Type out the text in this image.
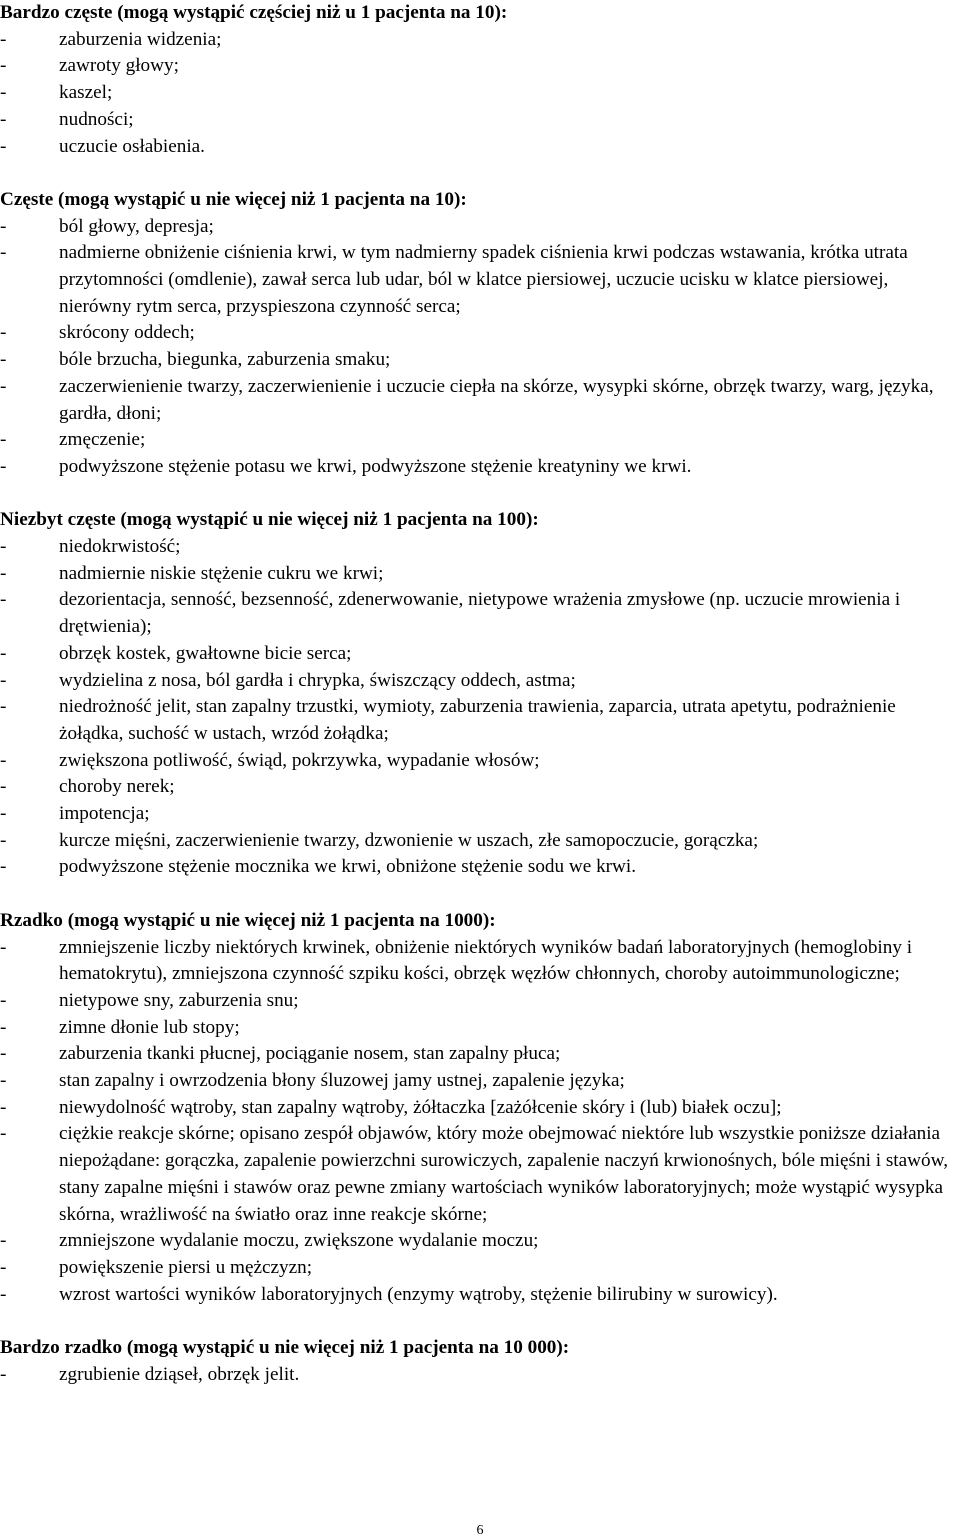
Bardzo częste (mogą wystąpić częściej niż u 1 pacjenta na 10):

-	zaburzenia widzenia;
-	zawroty głowy;
-	kaszel;
-	nudności;
-	uczucie osłabienia.

Częste (mogą wystąpić u nie więcej niż 1 pacjenta na 10):

-	ból głowy, depresja;
-	nadmierne obniżenie ciśnienia krwi, w tym nadmierny spadek ciśnienia krwi podczas wstawania, krótka utrata przytomności (omdlenie), zawał serca lub udar, ból w klatce piersiowej, uczucie ucisku w klatce piersiowej, nierówny rytm serca, przyspieszona czynność serca;
-	skrócony oddech;
-	bóle brzucha, biegunka, zaburzenia smaku;
-	zaczerwienienie twarzy, zaczerwienienie i uczucie ciepła na skórze, wysypki skórne, obrzęk twarzy, warg, języka, gardła, dłoni;
-	zmęczenie;
-	podwyższone stężenie potasu we krwi, podwyższone stężenie kreatyniny we krwi.

Niezbyt częste (mogą wystąpić u nie więcej niż 1 pacjenta na 100):

-	niedokrwistość;
-	nadmiernie niskie stężenie cukru we krwi;
-	dezorientacja, senność, bezsenność, zdenerwowanie, nietypowe wrażenia zmysłowe (np. uczucie mrowienia i drętwienia);
-	obrzęk kostek, gwałtowne bicie serca;
-	wydzielina z nosa, ból gardła i chrypka, świszczący oddech, astma;
-	niedrożność jelit, stan zapalny trzustki, wymioty, zaburzenia trawienia, zaparcia, utrata apetytu, podrażnienie żołądka, suchość w ustach, wrzód żołądka;
-	zwiększona potliwość, świąd, pokrzywka, wypadanie włosów;
-	choroby nerek;
-	impotencja;
-	kurcze mięśni, zaczerwienienie twarzy, dzwonienie w uszach, złe samopoczucie, gorączka;
-	podwyższone stężenie mocznika we krwi, obniżone stężenie sodu we krwi.

Rzadko (mogą wystąpić u nie więcej niż 1 pacjenta na 1000):

-	zmniejszenie liczby niektórych krwinek, obniżenie niektórych wyników badań laboratoryjnych (hemoglobiny i hematokrytu), zmniejszona czynność szpiku kości, obrzęk węzłów chłonnych, choroby autoimmunologiczne;
-	nietypowe sny, zaburzenia snu;
-	zimne dłonie lub stopy;
-	zaburzenia tkanki płucnej, pociąganie nosem, stan zapalny płuca;
-	stan zapalny i owrzodzenia błony śluzowej jamy ustnej, zapalenie języka;
-	niewydolność wątroby, stan zapalny wątroby, żółtaczka [zażółcenie skóry i (lub) białek oczu];
-	ciężkie reakcje skórne; opisano zespół objawów, który może obejmować niektóre lub wszystkie poniższe działania niepożądane: gorączka, zapalenie powierzchni surowiczych, zapalenie naczyń krwionośnych, bóle mięśni i stawów, stany zapalne mięśni i stawów oraz pewne zmiany wartościach wyników laboratoryjnych; może wystąpić wysypka skórna, wrażliwość na światło oraz inne reakcje skórne;
-	zmniejszone wydalanie moczu, zwiększone wydalanie moczu;
-	powiększenie piersi u mężczyzn;
-	wzrost wartości wyników laboratoryjnych (enzymy wątroby, stężenie bilirubiny w surowicy).

Bardzo rzadko (mogą wystąpić u nie więcej niż 1 pacjenta na 10 000):

-	zgrubienie dziąseł, obrzęk jelit.
6
